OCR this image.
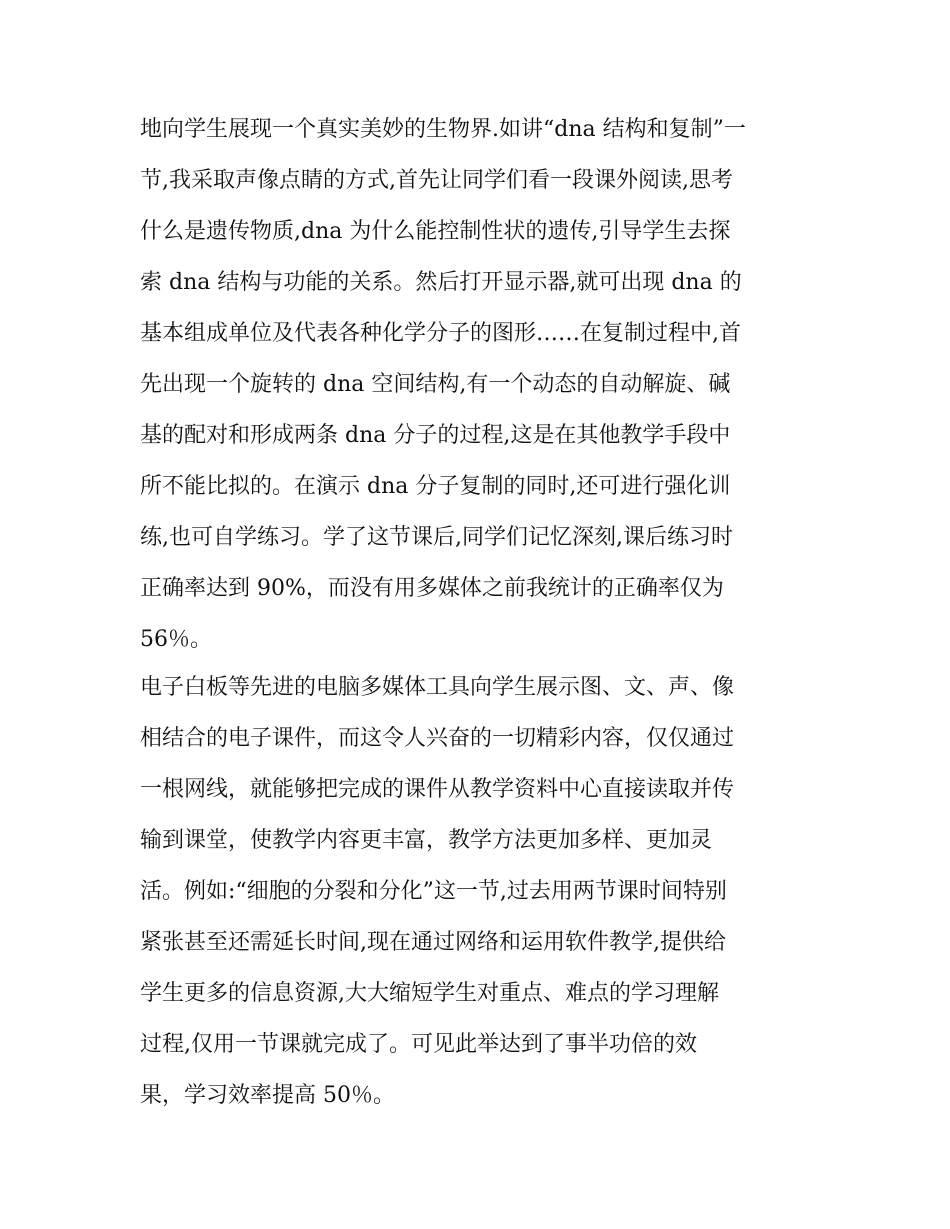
地向学生展现一个真实美妙的生物界.如讲“dna 结构和复制”一
节,我采取声像点睛的方式,首先让同学们看一段课外阅读,思考
什么是遗传物质,dna 为什么能控制性状的遗传,引导学生去探
索 dna 结构与功能的关系。然后打开显示器,就可出现 dna 的
基本组成单位及代表各种化学分子的图形……在复制过程中,首
先出现一个旋转的 dna 空间结构,有一个动态的自动解旋、碱
基的配对和形成两条 dna 分子的过程,这是在其他教学手段中
所不能比拟的。在演示 dna 分子复制的同时,还可进行强化训
练,也可自学练习。学了这节课后,同学们记忆深刻,课后练习时
正确率达到 90%，而没有用多媒体之前我统计的正确率仅为
56％。
电子白板等先进的电脑多媒体工具向学生展示图、文、声、像
相结合的电子课件，而这令人兴奋的一切精彩内容，仅仅通过
一根网线，就能够把完成的课件从教学资料中心直接读取并传
输到课堂，使教学内容更丰富，教学方法更加多样、更加灵
活。例如:“细胞的分裂和分化”这一节,过去用两节课时间特别
紧张甚至还需延长时间,现在通过网络和运用软件教学,提供给
学生更多的信息资源,大大缩短学生对重点、难点的学习理解
过程,仅用一节课就完成了。可见此举达到了事半功倍的效
果，学习效率提高 50％。
